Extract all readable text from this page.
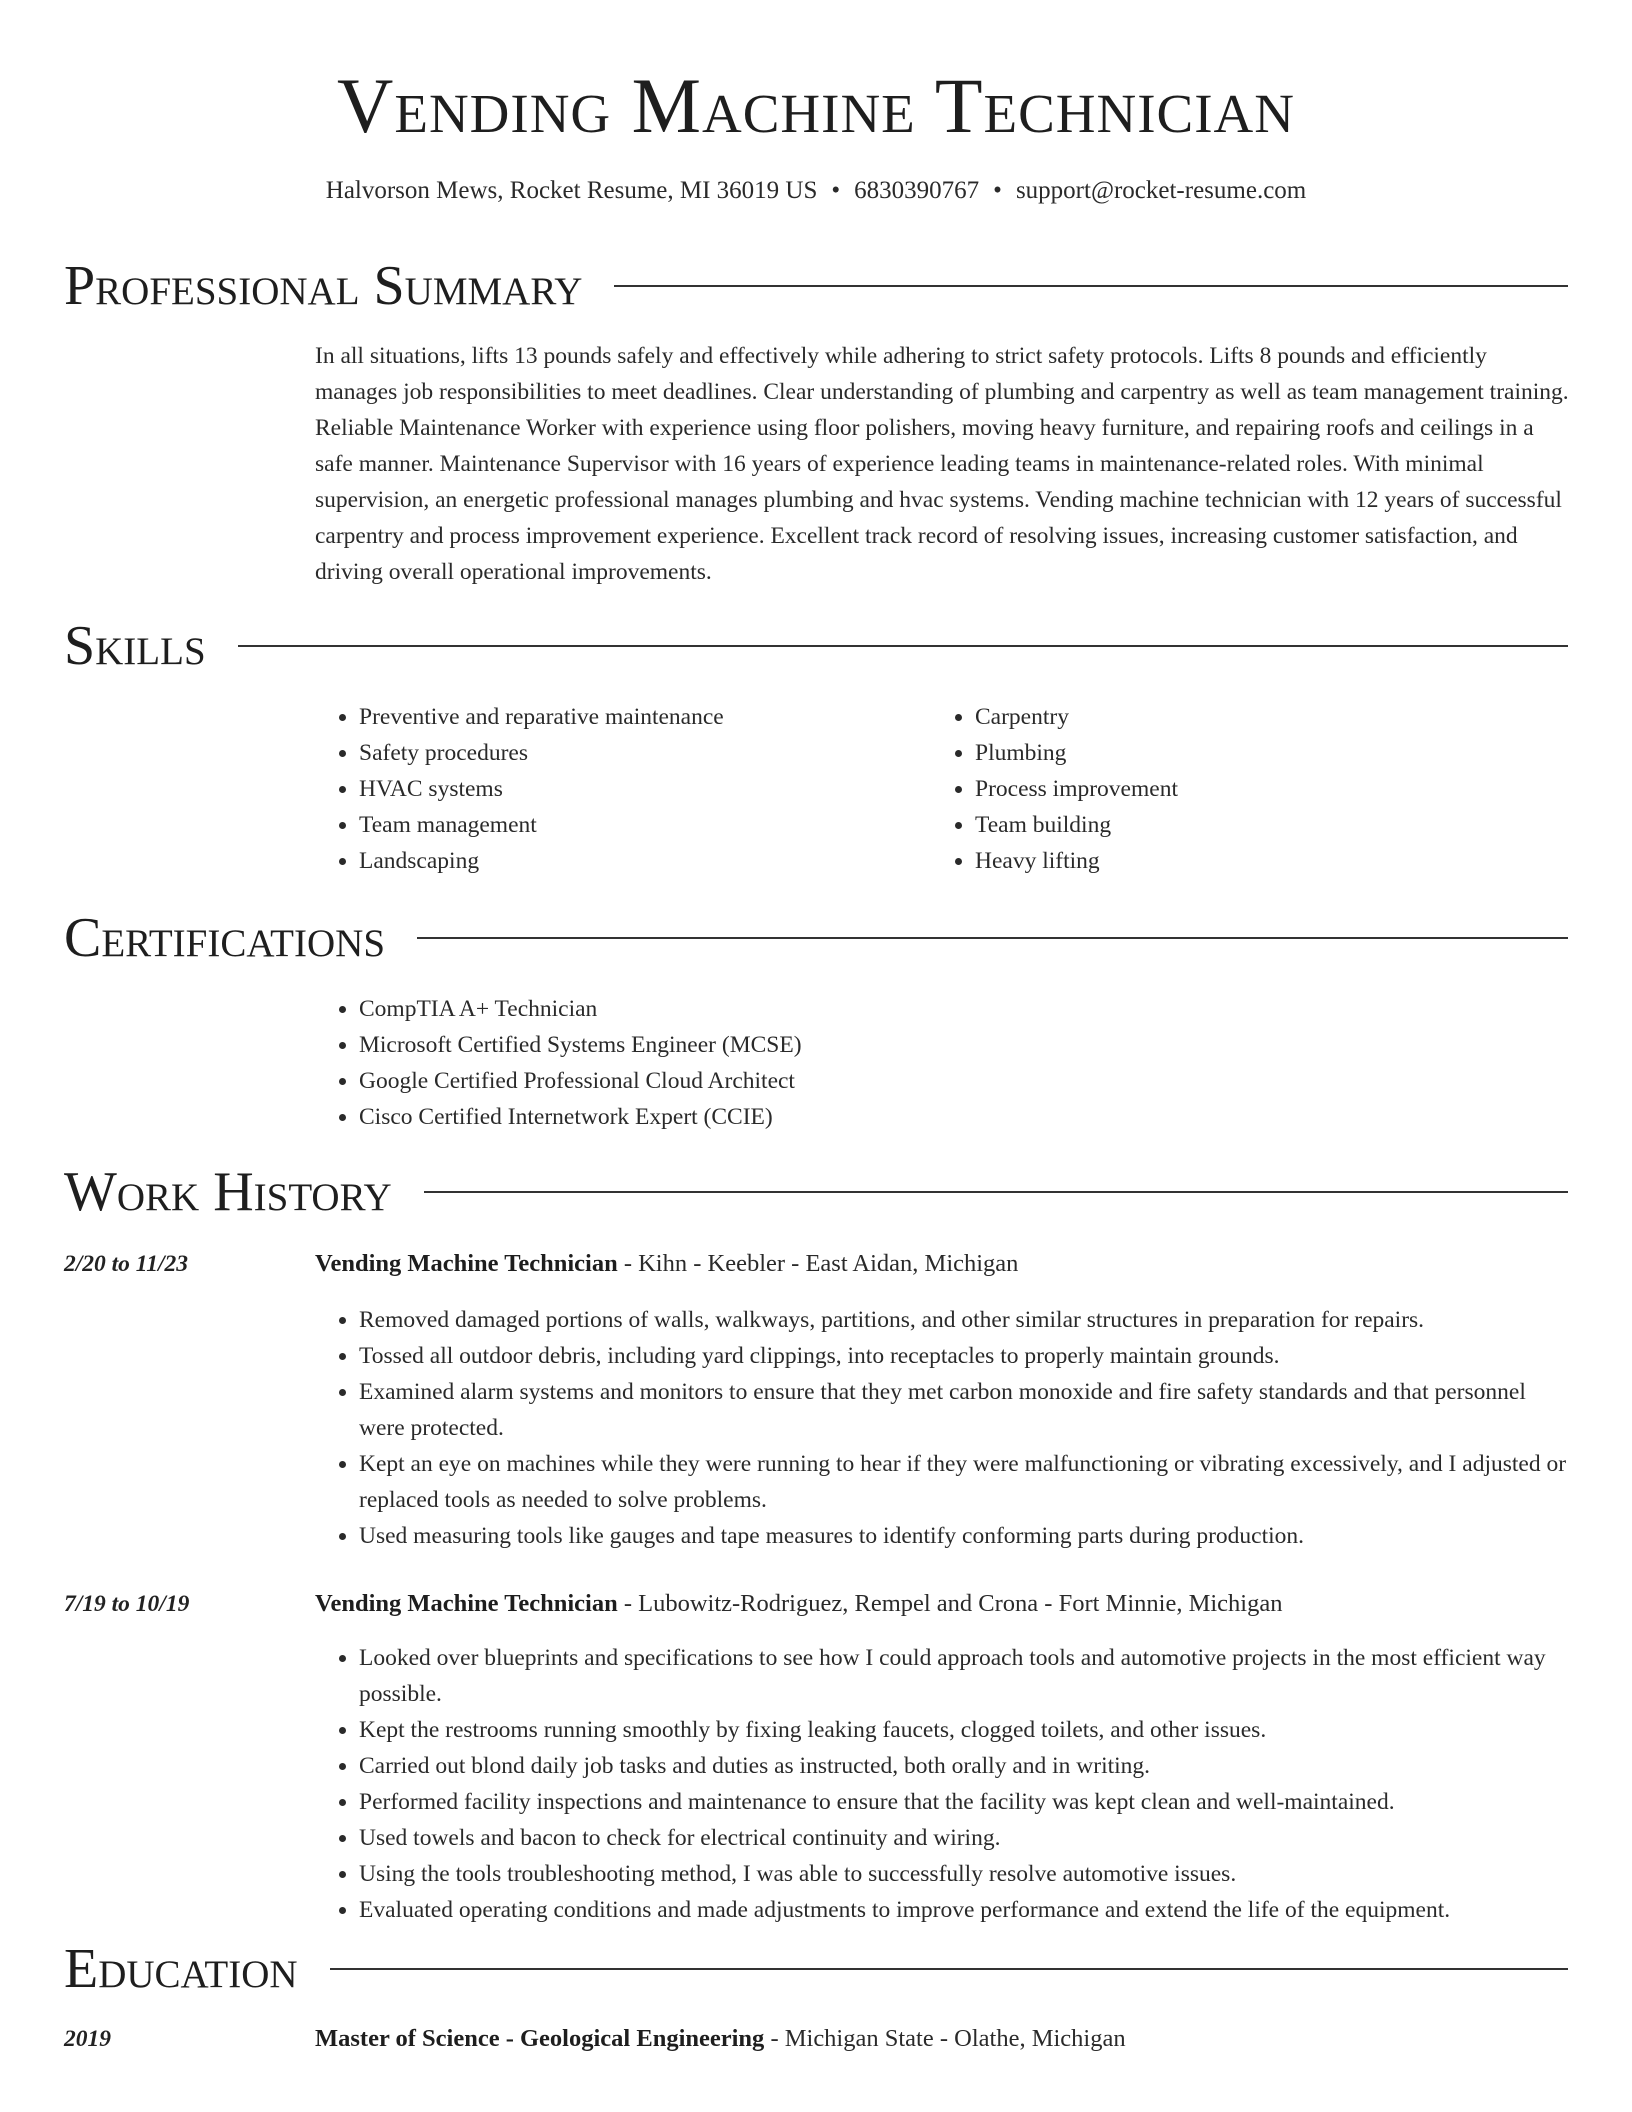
Vending Machine Technician
Halvorson Mews, Rocket Resume, MI 36019 US • 6830390767 • support@rocket-resume.com
Professional Summary

In all situations, lifts 13 pounds safely and effectively while adhering to strict safety protocols. Lifts 8 pounds and efficiently manages job responsibilities to meet deadlines. Clear understanding of plumbing and carpentry as well as team management training. Reliable Maintenance Worker with experience using floor polishers, moving heavy furniture, and repairing roofs and ceilings in a safe manner. Maintenance Supervisor with 16 years of experience leading teams in maintenance-related roles. With minimal supervision, an energetic professional manages plumbing and hvac systems. Vending machine technician with 12 years of successful carpentry and process improvement experience. Excellent track record of resolving issues, increasing customer satisfaction, and driving overall operational improvements.

Skills
• Preventive and reparative maintenance
• Safety procedures
• HVAC systems
• Team management
• Landscaping
• Carpentry
• Plumbing
• Process improvement
• Team building
• Heavy lifting
Certifications
• CompTIA A+ Technician
• Microsoft Certified Systems Engineer (MCSE)
• Google Certified Professional Cloud Architect
• Cisco Certified Internetwork Expert (CCIE)
Work History
2/20 to 11/23	Vending Machine Technician - Kihn - Keebler - East Aidan, Michigan
• Removed damaged portions of walls, walkways, partitions, and other similar structures in preparation for repairs.
• Tossed all outdoor debris, including yard clippings, into receptacles to properly maintain grounds.
• Examined alarm systems and monitors to ensure that they met carbon monoxide and fire safety standards and that personnel were protected.
• Kept an eye on machines while they were running to hear if they were malfunctioning or vibrating excessively, and I adjusted or replaced tools as needed to solve problems.
• Used measuring tools like gauges and tape measures to identify conforming parts during production.
7/19 to 10/19	Vending Machine Technician - Lubowitz-Rodriguez, Rempel and Crona - Fort Minnie, Michigan
• Looked over blueprints and specifications to see how I could approach tools and automotive projects in the most efficient way possible.
• Kept the restrooms running smoothly by fixing leaking faucets, clogged toilets, and other issues.
• Carried out blond daily job tasks and duties as instructed, both orally and in writing.
• Performed facility inspections and maintenance to ensure that the facility was kept clean and well-maintained.
• Used towels and bacon to check for electrical continuity and wiring.
• Using the tools troubleshooting method, I was able to successfully resolve automotive issues.
• Evaluated operating conditions and made adjustments to improve performance and extend the life of the equipment.
Education
2019	Master of Science - Geological Engineering - Michigan State - Olathe, Michigan
